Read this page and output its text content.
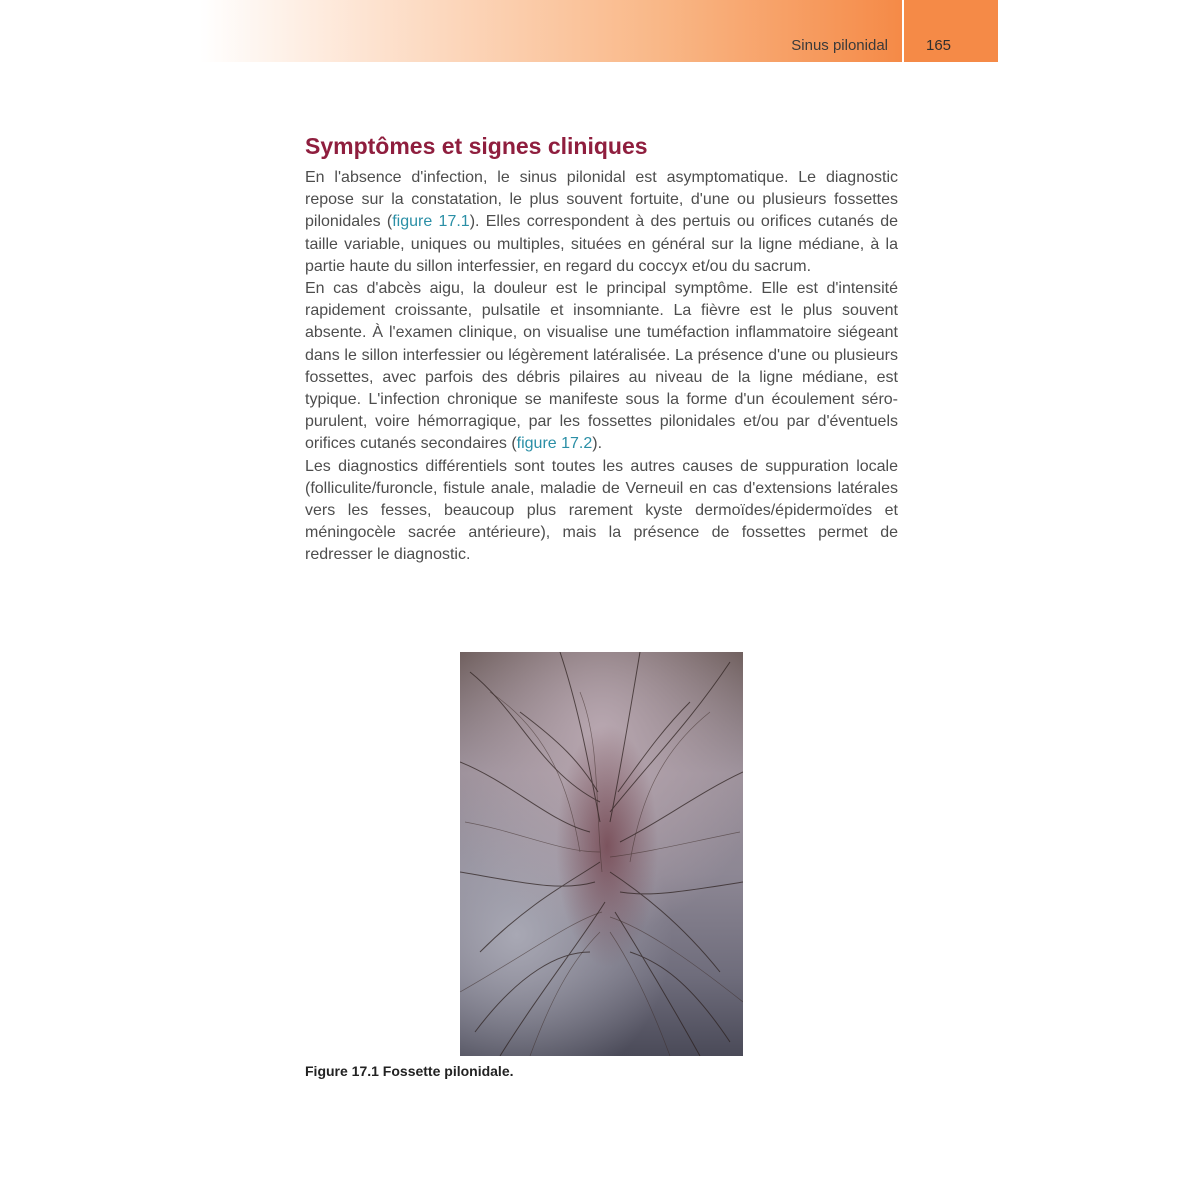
Sinus pilonidal	165
Symptômes et signes cliniques

En l'absence d'infection, le sinus pilonidal est asymptomatique. Le diagnostic repose sur la constatation, le plus souvent fortuite, d'une ou plusieurs fossettes pilonidales (figure 17.1). Elles correspondent à des pertuis ou orifices cutanés de taille variable, uniques ou multiples, situées en général sur la ligne médiane, à la partie haute du sillon interfessier, en regard du coccyx et/ou du sacrum.

En cas d'abcès aigu, la douleur est le principal symptôme. Elle est d'intensité rapidement croissante, pulsatile et insomniante. La fièvre est le plus souvent absente. À l'examen clinique, on visualise une tuméfaction inflammatoire siégeant dans le sillon interfessier ou légèrement latéralisée. La présence d'une ou plusieurs fossettes, avec parfois des débris pilaires au niveau de la ligne médiane, est typique. L'infection chronique se manifeste sous la forme d'un écoulement séro-purulent, voire hémorragique, par les fossettes pilonidales et/ou par d'éventuels orifices cutanés secondaires (figure 17.2).

Les diagnostics différentiels sont toutes les autres causes de suppuration locale (folliculite/furoncle, fistule anale, maladie de Verneuil en cas d'extensions latérales vers les fesses, beaucoup plus rarement kyste dermoïdes/épidermoïdes et méningocèle sacrée antérieure), mais la présence de fossettes permet de redresser le diagnostic.

Figure 17.1 Fossette pilonidale.
